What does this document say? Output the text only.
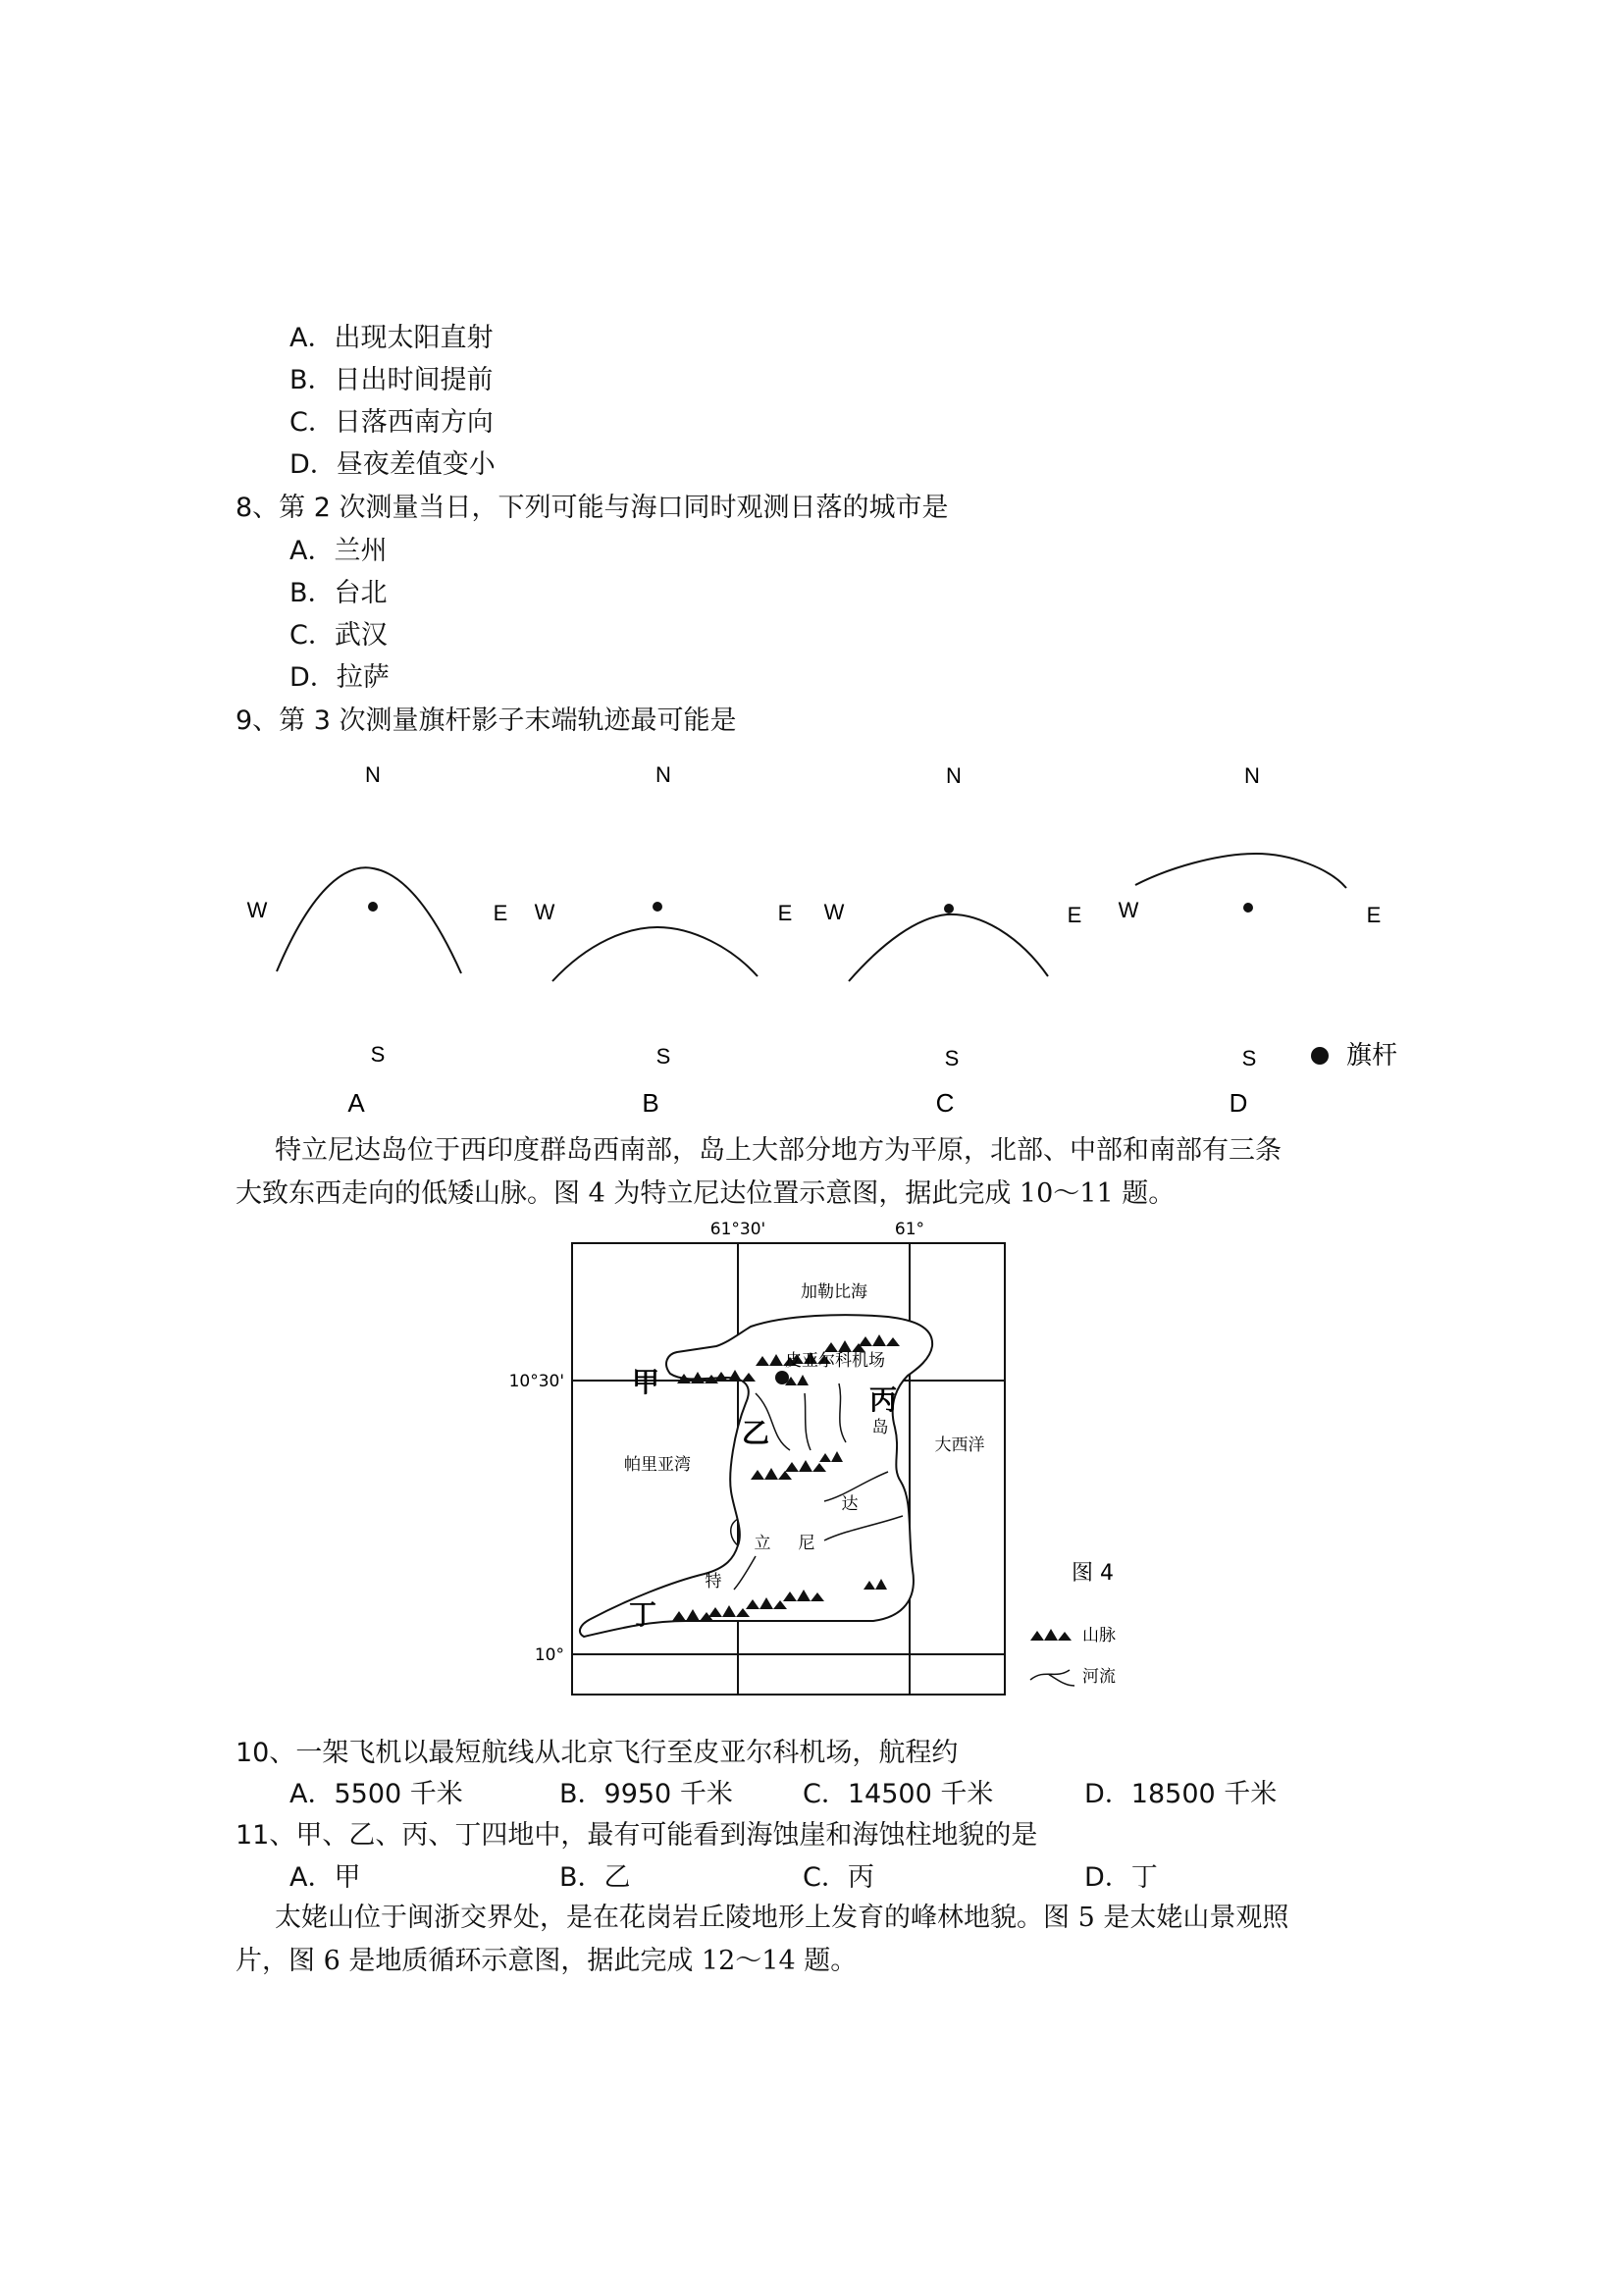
A．出现太阳直射
B．日出时间提前
C．日落西南方向
D．昼夜差值变小
8、第 2 次测量当日，下列可能与海口同时观测日落的城市是
A．兰州
B．台北
C．武汉
D．拉萨
9、第 3 次测量旗杆影子末端轨迹最可能是
N
W	E
S
A
N
W	E
S
B
N
W	E
S
C
N
W	E
S
D
旗杆
特立尼达岛位于西印度群岛西南部，岛上大部分地方为平原，北部、中部和南部有三条
大致东西走向的低矮山脉。图 4 为特立尼达位置示意图，据此完成 10～11 题。
61°30'	61°
10°30'
10°
皮亚尔科机场
加勒比海
帕里亚湾
大西洋
甲
乙
丙
丁
特
立 尼
达
岛
图 4
山脉
河流
10、一架飞机以最短航线从北京飞行至皮亚尔科机场，航程约
A．5500 千米	B．9950 千米	C．14500 千米	D．18500 千米
11、甲、乙、丙、丁四地中，最有可能看到海蚀崖和海蚀柱地貌的是
A．甲	B．乙	C．丙	D．丁
太姥山位于闽浙交界处，是在花岗岩丘陵地形上发育的峰林地貌。图 5 是太姥山景观照
片，图 6 是地质循环示意图，据此完成 12～14 题。
